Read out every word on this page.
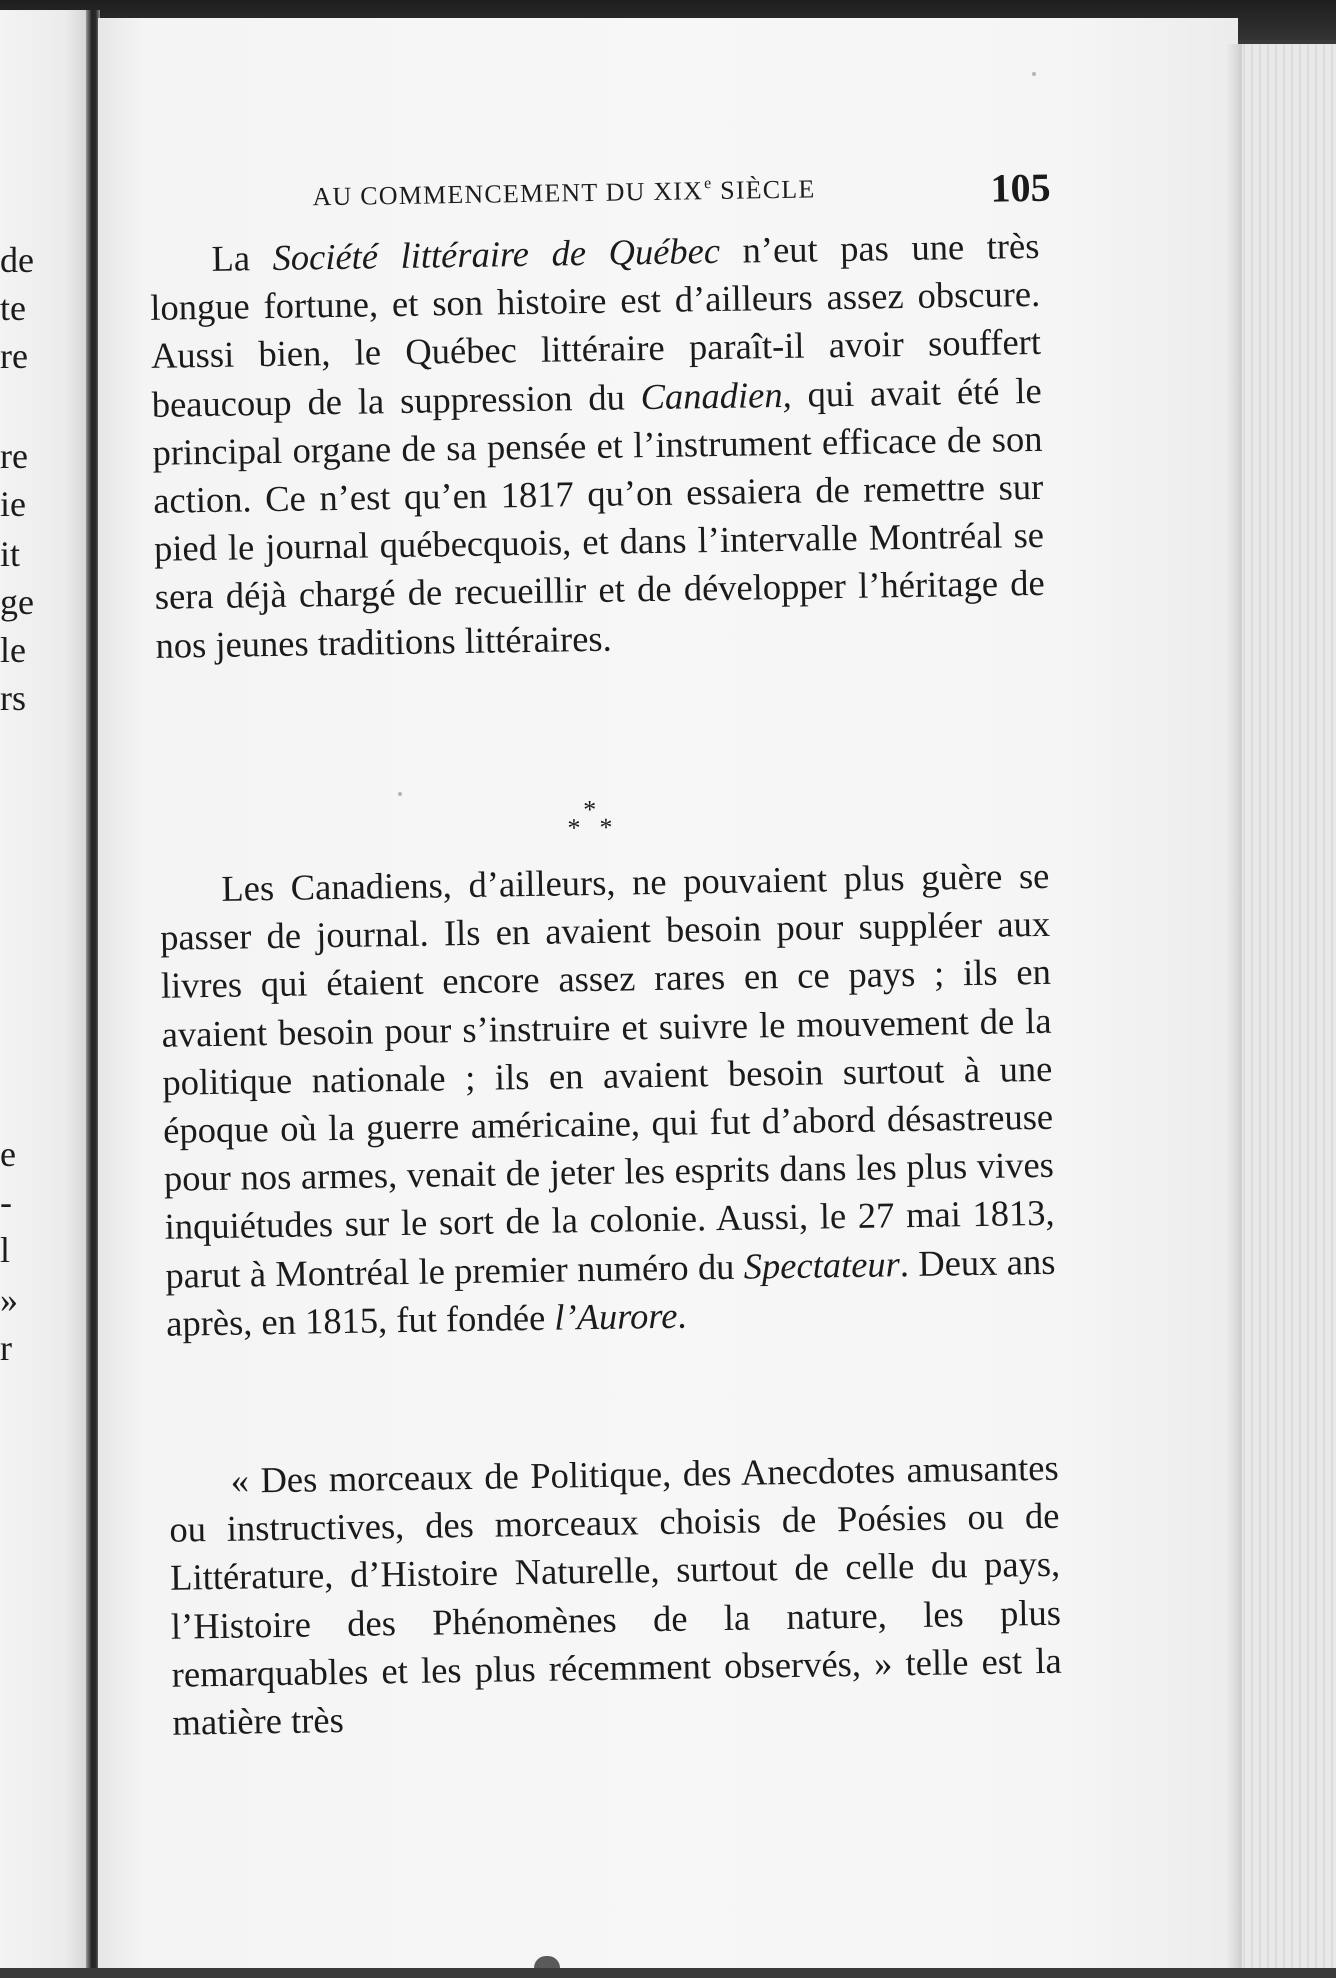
de
te
re
re
ie
it
ge
le
rs
e
-
l
»
r
AU COMMENCEMENT DU XIXe SIÈCLE	105

La Société littéraire de Québec n’eut pas une très longue fortune, et son histoire est d’ailleurs assez obscure. Aussi bien, le Québec littéraire paraît-il avoir souffert beaucoup de la suppression du Canadien, qui avait été le principal organe de sa pensée et l’instrument efficace de son action. Ce n’est qu’en 1817 qu’on essaiera de remettre sur pied le journal québecquois, et dans l’intervalle Montréal se sera déjà chargé de recueillir et de développer l’héritage de nos jeunes traditions littéraires.

*
* *

Les Canadiens, d’ailleurs, ne pouvaient plus guère se passer de journal. Ils en avaient besoin pour suppléer aux livres qui étaient encore assez rares en ce pays ; ils en avaient besoin pour s’instruire et suivre le mouvement de la politique nationale ; ils en avaient besoin surtout à une époque où la guerre américaine, qui fut d’abord désastreuse pour nos armes, venait de jeter les esprits dans les plus vives inquiétudes sur le sort de la colonie. Aussi, le 27 mai 1813, parut à Montréal le premier numéro du Spectateur. Deux ans après, en 1815, fut fondée l’Aurore.

« Des morceaux de Politique, des Anecdotes amusantes ou instructives, des morceaux choisis de Poésies ou de Littérature, d’Histoire Naturelle, surtout de celle du pays, l’Histoire des Phénomènes de la nature, les plus remarquables et les plus récemment observés, » telle est la matière très
